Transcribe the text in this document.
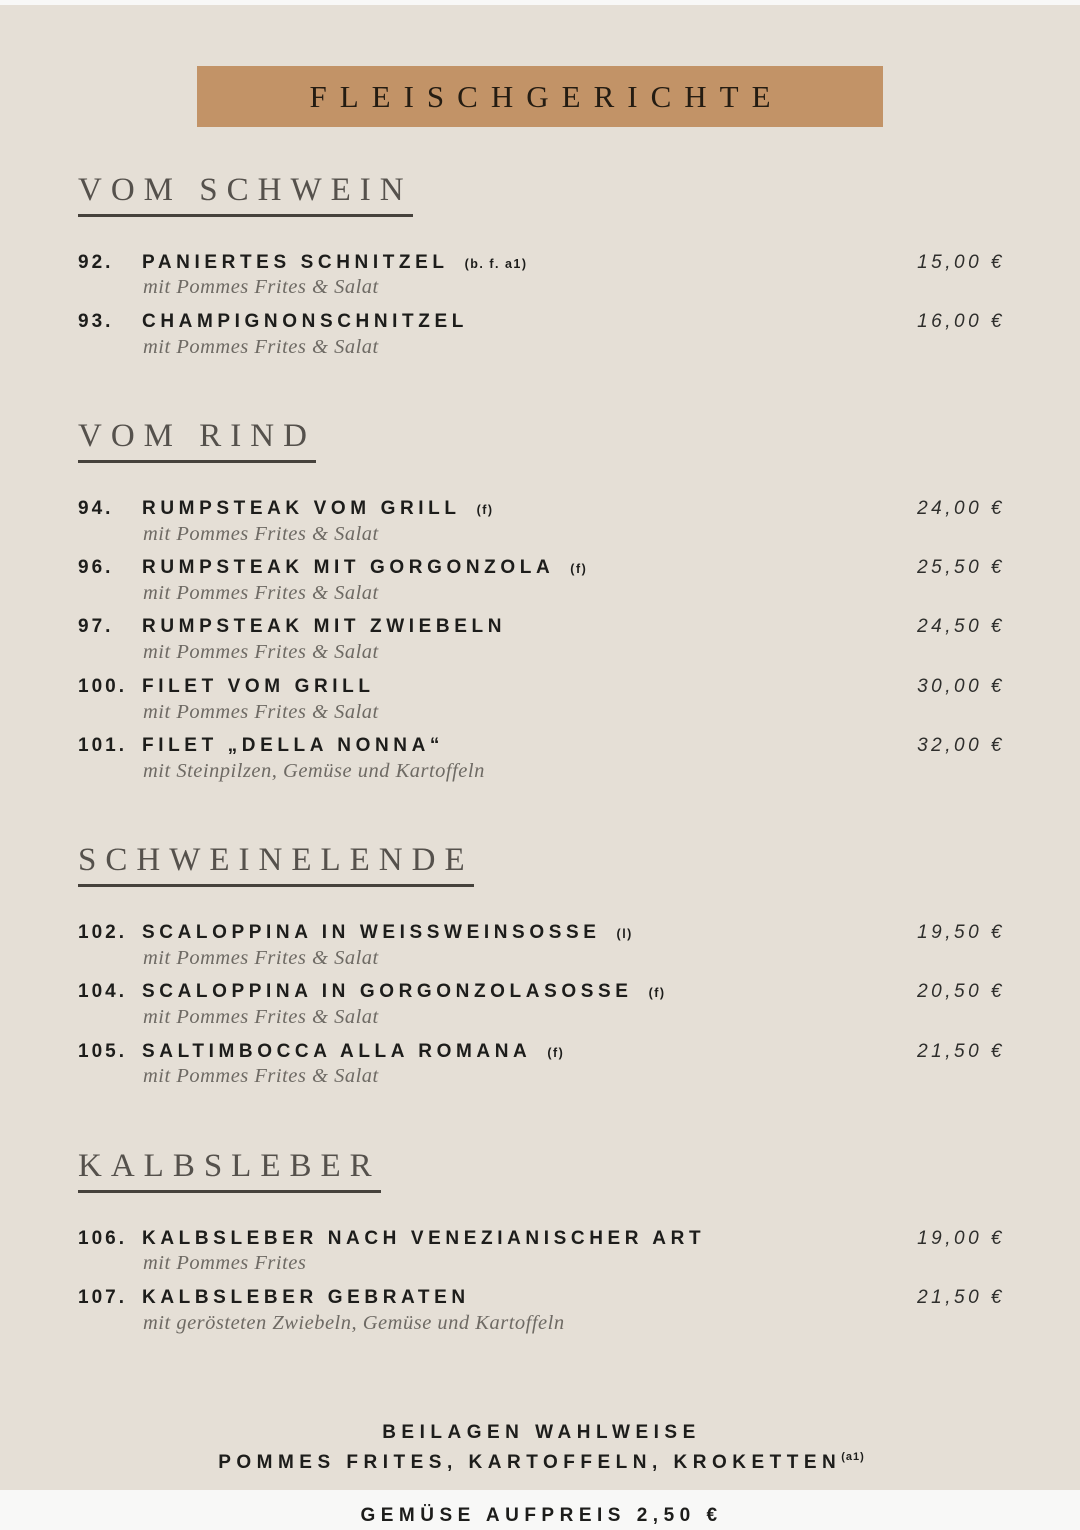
FLEISCHGERICHTE
VOM SCHWEIN
92.	PANIERTES SCHNITZEL (b. f. a1)	15,00 €
mit Pommes Frites & Salat
93.	CHAMPIGNONSCHNITZEL	16,00 €
mit Pommes Frites & Salat
VOM RIND
94.	RUMPSTEAK VOM GRILL (f)	24,00 €
mit Pommes Frites & Salat
96.	RUMPSTEAK MIT GORGONZOLA (f)	25,50 €
mit Pommes Frites & Salat
97.	RUMPSTEAK MIT ZWIEBELN	24,50 €
mit Pommes Frites & Salat
100. FILET VOM GRILL	30,00 €
mit Pommes Frites & Salat
101. FILET „DELLA NONNA“	32,00 €
mit Steinpilzen, Gemüse und Kartoffeln
SCHWEINELENDE
102. SCALOPPINA IN WEISSWEINSOSSE (l)	19,50 €
mit Pommes Frites & Salat
104. SCALOPPINA IN GORGONZOLASOSSE (f)	20,50 €
mit Pommes Frites & Salat
105. SALTIMBOCCA ALLA ROMANA (f)	21,50 €
mit Pommes Frites & Salat
KALBSLEBER
106. KALBSLEBER NACH VENEZIANISCHER ART	19,00 €
mit Pommes Frites
107. KALBSLEBER GEBRATEN	21,50 €
mit gerösteten Zwiebeln, Gemüse und Kartoffeln
BEILAGEN WAHLWEISE
POMMES FRITES, KARTOFFELN, $KROKETTEN^{(a1)}$
GEMÜSE AUFPREIS 2,50 €
